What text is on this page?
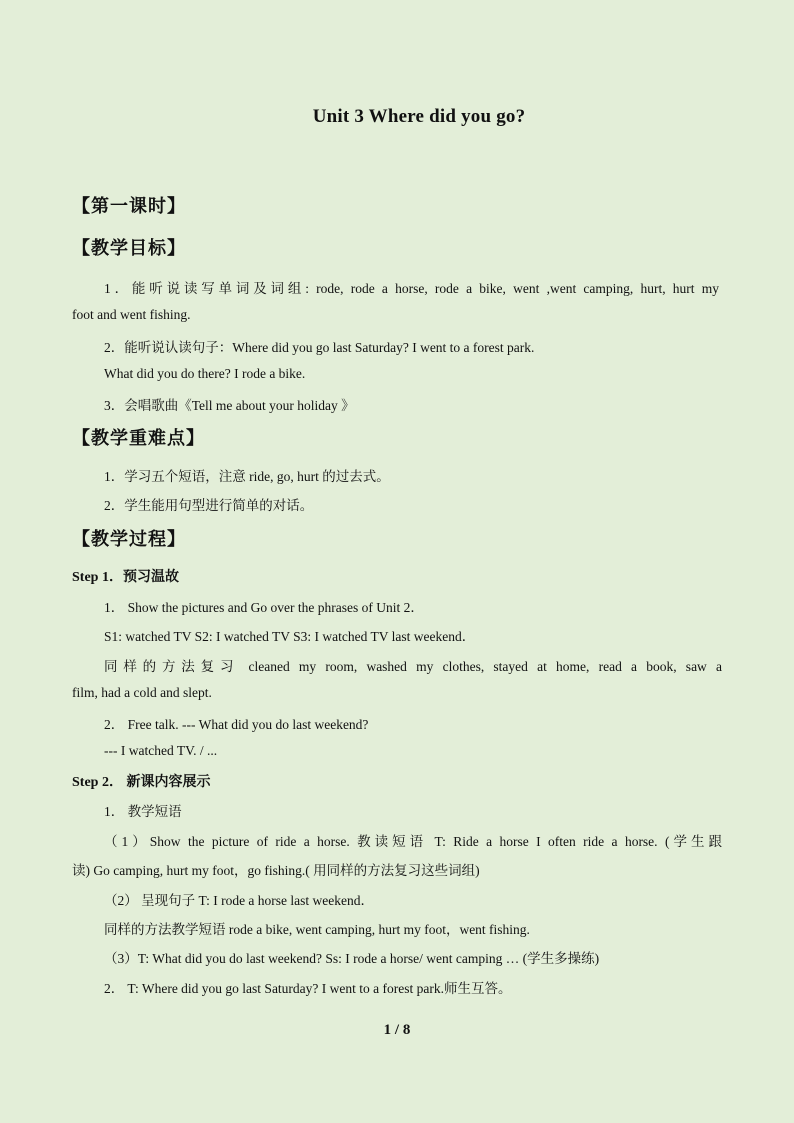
Unit 3 Where did you go?
【第一课时】
【教学目标】
1．能听说读写单词及词组: rode, rode a horse, rode a bike, went ,went camping, hurt, hurt my
foot and went fishing.
2．能听说认读句子：Where did you go last Saturday? I went to a forest park.
What did you do there? I rode a bike.
3．会唱歌曲《Tell me about your holiday 》
【教学重难点】
1．学习五个短语，注意 ride, go, hurt 的过去式。
2．学生能用句型进行简单的对话。
【教学过程】
Step 1．预习温故
1． Show the pictures and Go over the phrases of Unit 2．
S1: watched TV S2: I watched TV S3: I watched TV last weekend．
同样的方法复习 cleaned my room, washed my clothes, stayed at home, read a book, saw a
film, had a cold and slept.
2． Free talk. --- What did you do last weekend?
--- I watched TV. / ...
Step 2． 新课内容展示
1． 教学短语
（1）Show the picture of ride a horse. 教读短语 T: Ride a horse I often ride a horse. (学生跟
读) Go camping, hurt my foot，go fishing.( 用同样的方法复习这些词组)
（2） 呈现句子 T: I rode a horse last weekend．
同样的方法教学短语 rode a bike, went camping, hurt my foot，went fishing.
（3）T: What did you do last weekend? Ss: I rode a horse/ went camping … (学生多操练)
2． T: Where did you go last Saturday? I went to a forest park.师生互答。
1 / 8
